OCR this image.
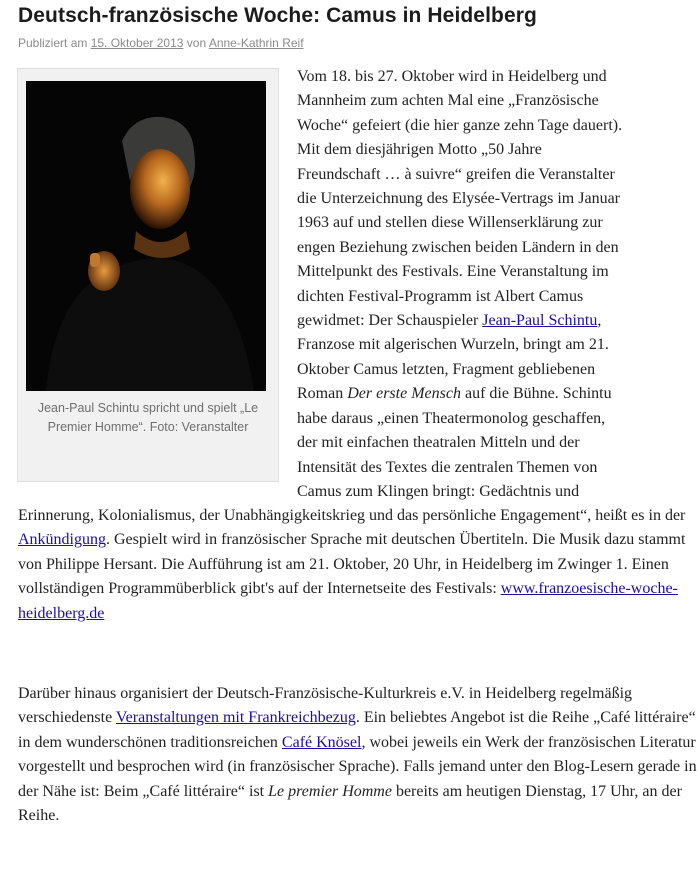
Deutsch-französische Woche: Camus in Heidelberg
Publiziert am 15. Oktober 2013 von Anne-Kathrin Reif
Jean-Paul Schintu spricht und spielt „Le Premier Homme“. Foto: Veranstalter
Vom 18. bis 27. Oktober wird in Heidelberg und
Mannheim zum achten Mal eine „Französische
Woche“ gefeiert (die hier ganze zehn Tage dauert).
Mit dem diesjährigen Motto „50 Jahre
Freundschaft … à suivre“ greifen die Veranstalter
die Unterzeichnung des Elysée-Vertrags im Januar
1963 auf und stellen diese Willenserklärung zur
engen Beziehung zwischen beiden Ländern in den
Mittelpunkt des Festivals. Eine Veranstaltung im
dichten Festival-Programm ist Albert Camus
gewidmet: Der Schauspieler Jean-Paul Schintu,
Franzose mit algerischen Wurzeln, bringt am 21.
Oktober Camus letzten, Fragment gebliebenen
Roman Der erste Mensch auf die Bühne. Schintu
habe daraus „einen Theatermonolog geschaffen,
der mit einfachen theatralen Mitteln und der
Intensität des Textes die zentralen Themen von
Camus zum Klingen bringt: Gedächtnis und

Erinnerung, Kolonialismus, der Unabhängigkeitskrieg und das persönliche Engagement“, heißt es in der Ankündigung. Gespielt wird in französischer Sprache mit deutschen Übertiteln. Die Musik dazu stammt von Philippe Hersant. Die Aufführung ist am 21. Oktober, 20 Uhr, in Heidelberg im Zwinger 1. Einen vollständigen Programmüberblick gibt's auf der Internetseite des Festivals: www.franzoesische-woche-heidelberg.de

Darüber hinaus organisiert der Deutsch-Französische-Kulturkreis e.V. in Heidelberg regelmäßig verschiedenste Veranstaltungen mit Frankreichbezug. Ein beliebtes Angebot ist die Reihe „Café littéraire“ in dem wunderschönen traditionsreichen Café Knösel, wobei jeweils ein Werk der französischen Literatur vorgestellt und besprochen wird (in französischer Sprache). Falls jemand unter den Blog-Lesern gerade in der Nähe ist: Beim „Café littéraire“ ist Le premier Homme bereits am heutigen Dienstag, 17 Uhr, an der Reihe.
